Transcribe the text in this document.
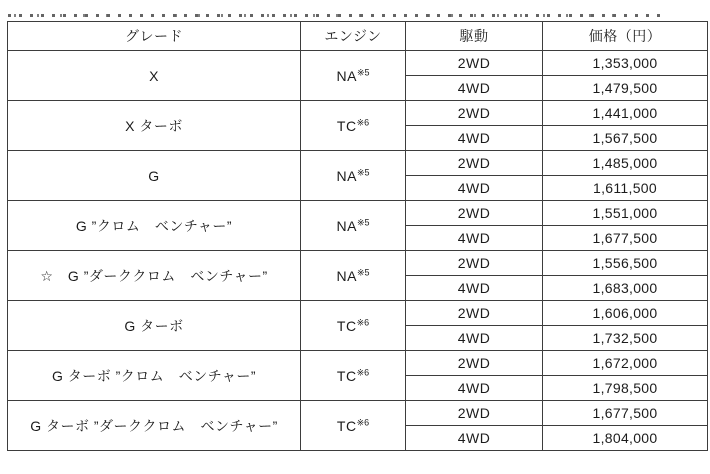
グレード	エンジン	駆動	価格（円）
X	NA$^{※5}$	2WD	1,353,000
		4WD	1,479,500
X ターボ	TC$^{※6}$	2WD	1,441,000
		4WD	1,567,500
G	NA$^{※5}$	2WD	1,485,000
		4WD	1,611,500
G ”クロム　ベンチャー”	NA$^{※5}$	2WD	1,551,000
		4WD	1,677,500
☆　G ”ダーククロム　ベンチャー”	NA$^{※5}$	2WD	1,556,500
		4WD	1,683,000
G ターボ	TC$^{※6}$	2WD	1,606,000
		4WD	1,732,500
G ターボ ”クロム　ベンチャー”	TC$^{※6}$	2WD	1,672,000
		4WD	1,798,500
G ターボ ”ダーククロム　ベンチャー”	TC$^{※6}$	2WD	1,677,500
		4WD	1,804,000
